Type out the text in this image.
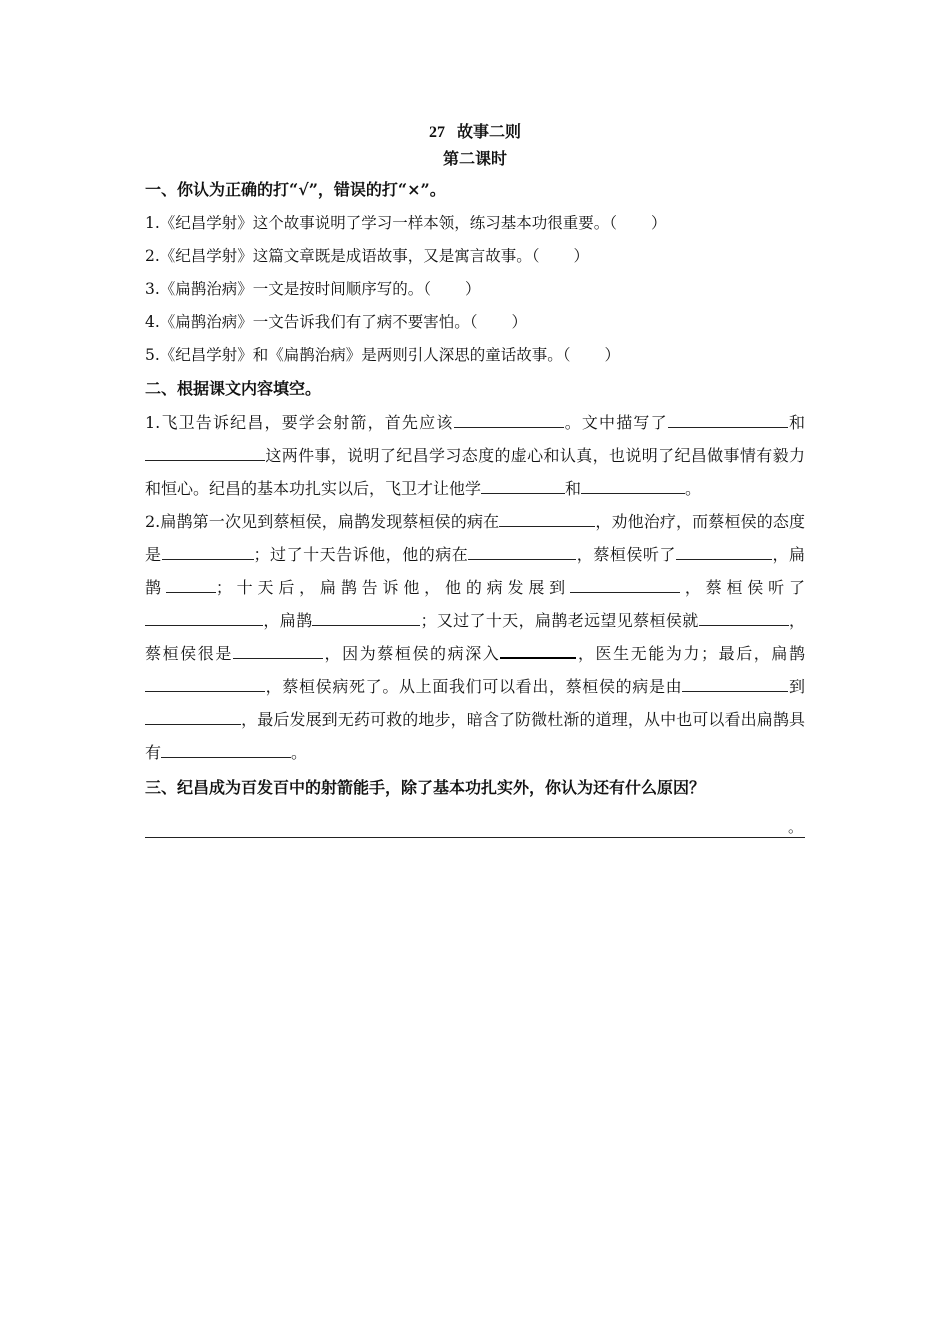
27 故事二则
第二课时
一、你认为正确的打“√”，错误的打“×”。
1.《纪昌学射》这个故事说明了学习一样本领，练习基本功很重要。（ ）
2.《纪昌学射》这篇文章既是成语故事，又是寓言故事。（ ）
3.《扁鹊治病》一文是按时间顺序写的。（ ）
4.《扁鹊治病》一文告诉我们有了病不要害怕。（ ）
5.《纪昌学射》和《扁鹊治病》是两则引人深思的童话故事。（ ）
二、根据课文内容填空。
1.飞卫告诉纪昌，要学会射箭，首先应该	。文中描写了	和这两件事，说明了纪昌学习态度的虚心和认真，也说明了纪昌做事情有毅力和恒心。纪昌的基本功扎实以后，飞卫才让他学	和	。
2.扁鹊第一次见到蔡桓侯，扁鹊发现蔡桓侯的病在	，劝他治疗，而蔡桓侯的态度是	；过了十天告诉他，他的病在	，蔡桓侯听了	，扁鹊	；十天后，扁鹊告诉他，他的病发展到	，蔡桓侯听了，扁鹊	；又过了十天，扁鹊老远望见蔡桓侯就	，蔡桓侯很是	，因为蔡桓侯的病深入	，医生无能为力；最后，扁鹊，蔡桓侯病死了。从上面我们可以看出，蔡桓侯的病是由	到，最后发展到无药可救的地步，暗含了防微杜渐的道理，从中也可以看出扁鹊具有	。
三、纪昌成为百发百中的射箭能手，除了基本功扎实外，你认为还有什么原因？
。
